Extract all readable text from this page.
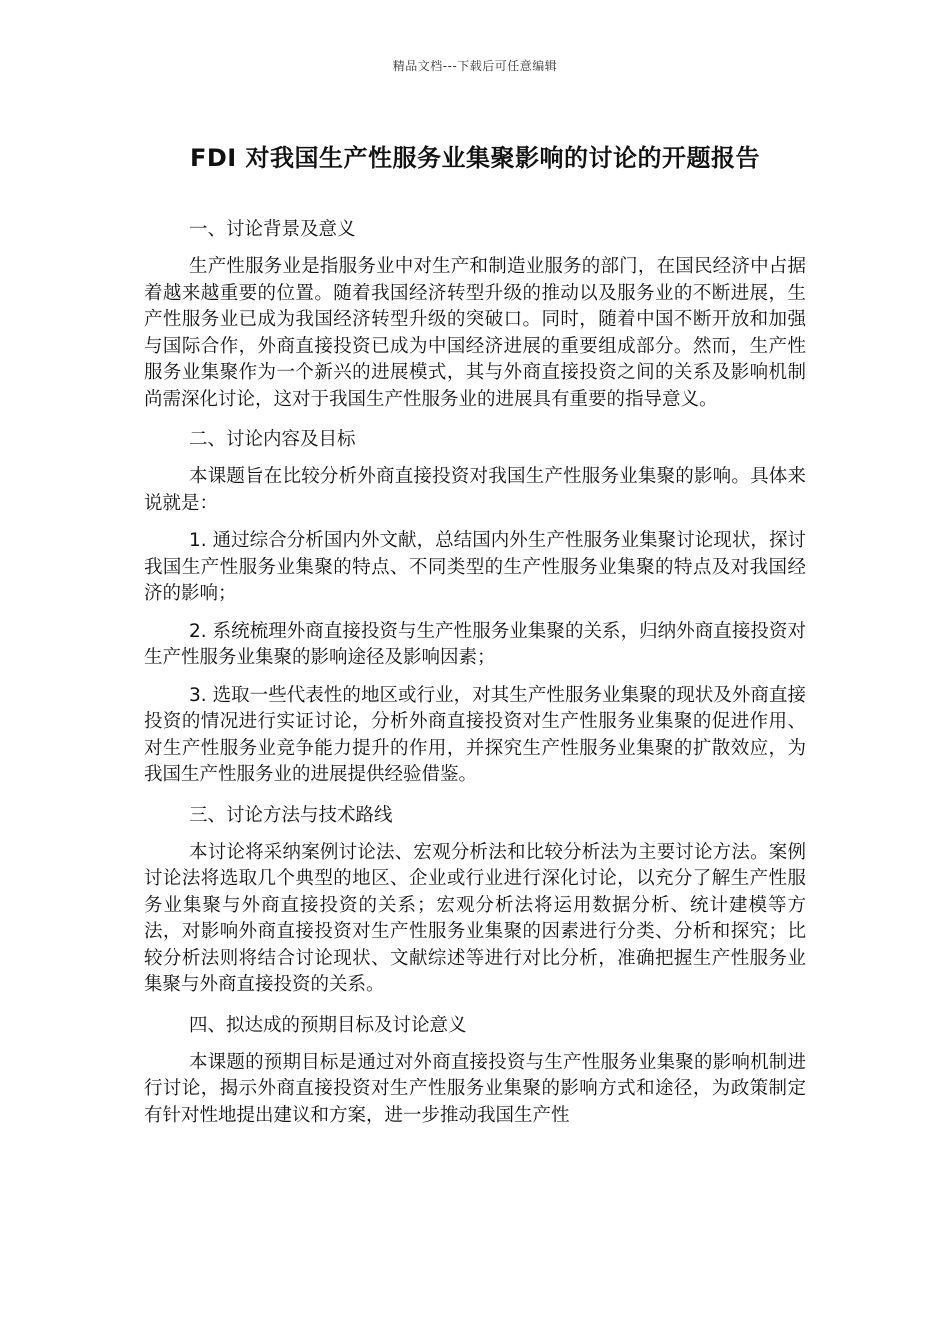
精品文档---下载后可任意编辑
FDI 对我国生产性服务业集聚影响的讨论的开题报告
一、讨论背景及意义

生产性服务业是指服务业中对生产和制造业服务的部门，在国民经济中占据着越来越重要的位置。随着我国经济转型升级的推动以及服务业的不断进展，生产性服务业已成为我国经济转型升级的突破口。同时，随着中国不断开放和加强与国际合作，外商直接投资已成为中国经济进展的重要组成部分。然而，生产性服务业集聚作为一个新兴的进展模式，其与外商直接投资之间的关系及影响机制尚需深化讨论，这对于我国生产性服务业的进展具有重要的指导意义。

二、讨论内容及目标

本课题旨在比较分析外商直接投资对我国生产性服务业集聚的影响。具体来说就是：

1. 通过综合分析国内外文献，总结国内外生产性服务业集聚讨论现状，探讨我国生产性服务业集聚的特点、不同类型的生产性服务业集聚的特点及对我国经济的影响；

2. 系统梳理外商直接投资与生产性服务业集聚的关系，归纳外商直接投资对生产性服务业集聚的影响途径及影响因素；

3. 选取一些代表性的地区或行业，对其生产性服务业集聚的现状及外商直接投资的情况进行实证讨论，分析外商直接投资对生产性服务业集聚的促进作用、对生产性服务业竞争能力提升的作用，并探究生产性服务业集聚的扩散效应，为我国生产性服务业的进展提供经验借鉴。

三、讨论方法与技术路线

本讨论将采纳案例讨论法、宏观分析法和比较分析法为主要讨论方法。案例讨论法将选取几个典型的地区、企业或行业进行深化讨论，以充分了解生产性服务业集聚与外商直接投资的关系；宏观分析法将运用数据分析、统计建模等方法，对影响外商直接投资对生产性服务业集聚的因素进行分类、分析和探究；比较分析法则将结合讨论现状、文献综述等进行对比分析，准确把握生产性服务业集聚与外商直接投资的关系。

四、拟达成的预期目标及讨论意义

本课题的预期目标是通过对外商直接投资与生产性服务业集聚的影响机制进行讨论，揭示外商直接投资对生产性服务业集聚的影响方式和途径，为政策制定有针对性地提出建议和方案，进一步推动我国生产性
